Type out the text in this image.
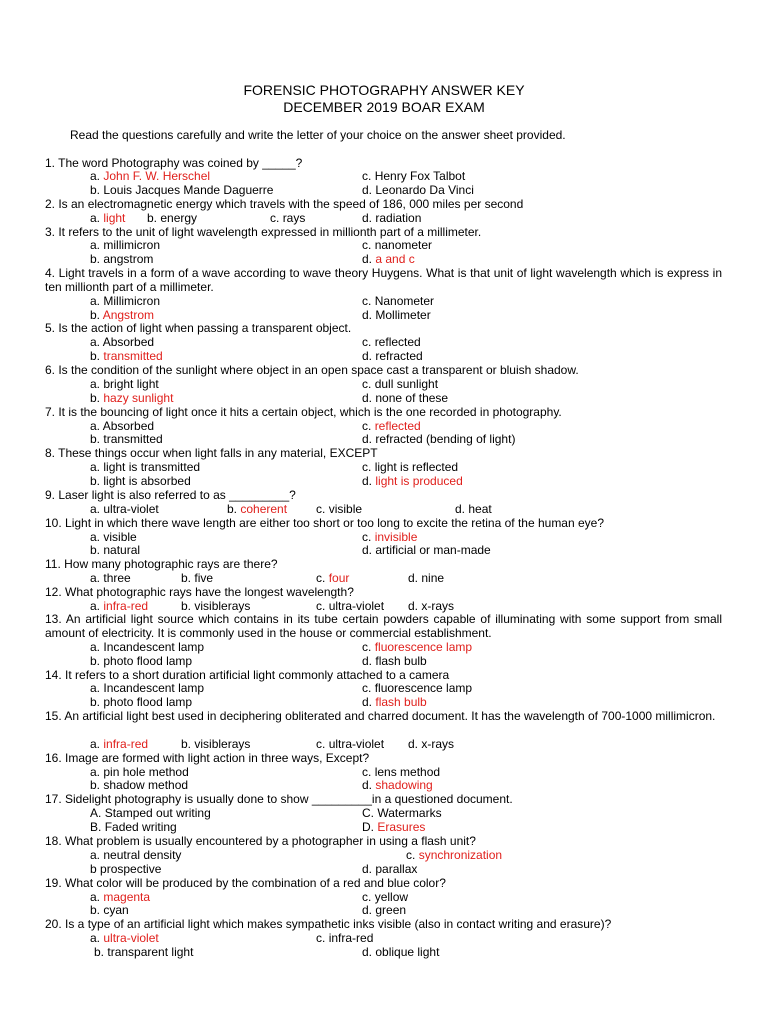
FORENSIC PHOTOGRAPHY ANSWER KEY
DECEMBER 2019 BOAR EXAM
Read the questions carefully and write the letter of your choice on the answer sheet provided.
1. The word Photography was coined by _____?
a. John F. W. Herschel	c. Henry Fox Talbot
b. Louis Jacques Mande Daguerre	d. Leonardo Da Vinci
2. Is an electromagnetic energy which travels with the speed of 186, 000 miles per second
a. light b. energy	c. rays	d. radiation
3. It refers to the unit of light wavelength expressed in millionth part of a millimeter.
a. millimicron	c. nanometer
b. angstrom	d. a and c
4. Light travels in a form of a wave according to wave theory Huygens. What is that unit of light wavelength which is express in ten millionth part of a millimeter.
a. Millimicron	c. Nanometer
b. Angstrom	d. Mollimeter
5. Is the action of light when passing a transparent object.
a. Absorbed	c. reflected
b. transmitted	d. refracted
6. Is the condition of the sunlight where object in an open space cast a transparent or bluish shadow.
a. bright light	c. dull sunlight
b. hazy sunlight	d. none of these
7. It is the bouncing of light once it hits a certain object, which is the one recorded in photography.
a. Absorbed	c. reflected
b. transmitted	d. refracted (bending of light)
8. These things occur when light falls in any material, EXCEPT
a. light is transmitted	c. light is reflected
b. light is absorbed	d. light is produced
9. Laser light is also referred to as _________?
a. ultra-violet	b. coherent c. visible	d. heat
10. Light in which there wave length are either too short or too long to excite the retina of the human eye?
a. visible	c. invisible
b. natural	d. artificial or man-made
11. How many photographic rays are there?
a. three	b. five	c. four	d. nine
12. What photographic rays have the longest wavelength?
a. infra-red	b. visiblerays	c. ultra-violet d. x-rays
13. An artificial light source which contains in its tube certain powders capable of illuminating with some support from small amount of electricity. It is commonly used in the house or commercial establishment.
a. Incandescent lamp	c. fluorescence lamp
b. photo flood lamp	d. flash bulb
14. It refers to a short duration artificial light commonly attached to a camera
a. Incandescent lamp	c. fluorescence lamp
b. photo flood lamp	d. flash bulb
15. An artificial light best used in deciphering obliterated and charred document. It has the wavelength of 700-1000 millimicron.
a. infra-red	b. visiblerays	c. ultra-violet d. x-rays
16. Image are formed with light action in three ways, Except?
a. pin hole method	c. lens method
b. shadow method	d. shadowing
17. Sidelight photography is usually done to show _________in a questioned document.
A. Stamped out writing	C. Watermarks
B. Faded writing	D. Erasures
18. What problem is usually encountered by a photographer in using a flash unit?
a. neutral density	c. synchronization
b prospective	d. parallax
19. What color will be produced by the combination of a red and blue color?
a. magenta	c. yellow
b. cyan	d. green
20. Is a type of an artificial light which makes sympathetic inks visible (also in contact writing and erasure)?
a. ultra-violet	c. infra-red
b. transparent light	d. oblique light
